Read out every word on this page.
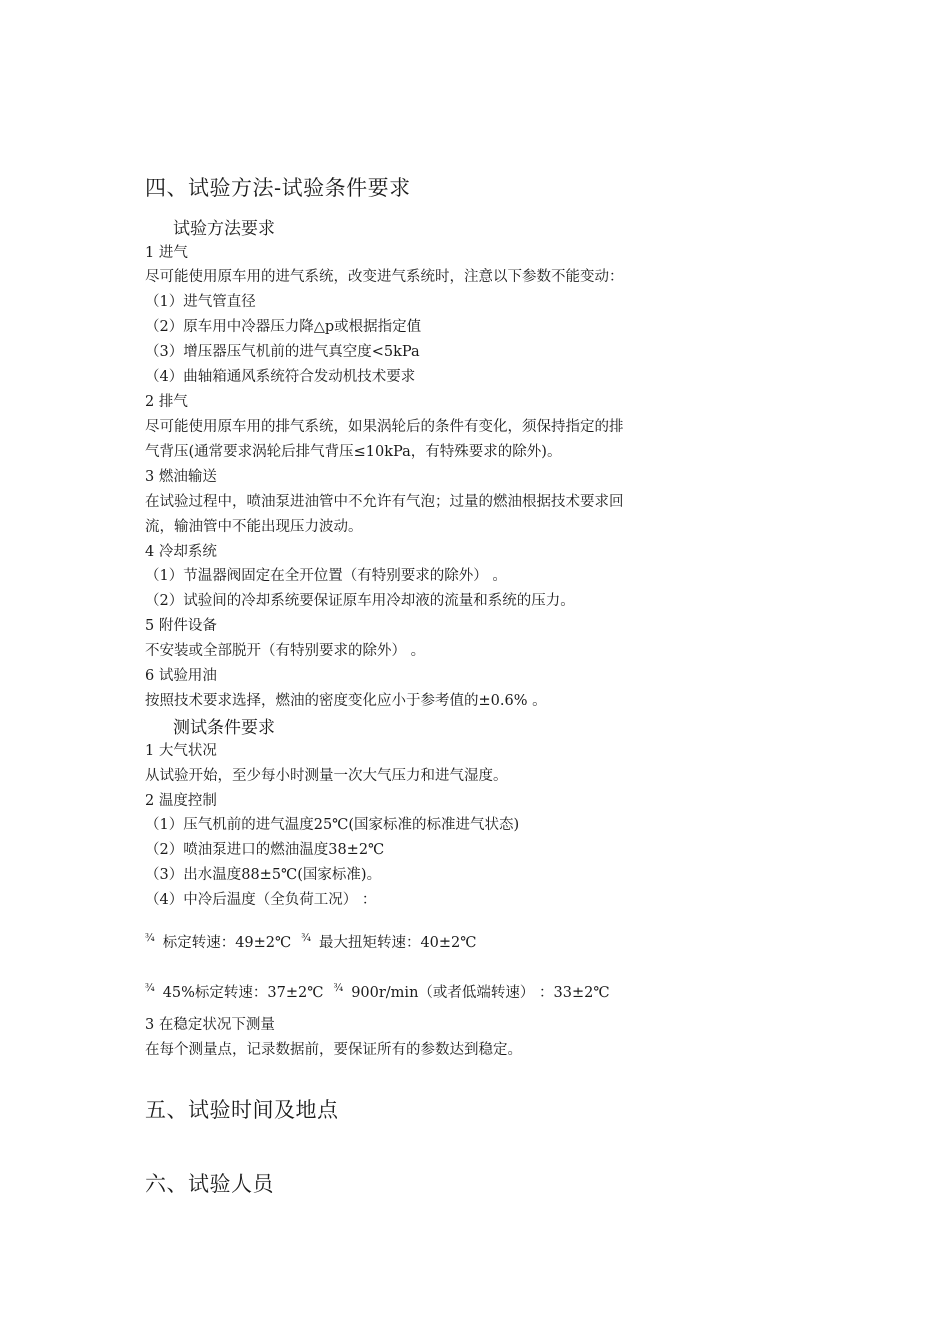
四、试验方法-试验条件要求
试验方法要求
1 进气
尽可能使用原车用的进气系统，改变进气系统时，注意以下参数不能变动：
（1）进气管直径
（2）原车用中冷器压力降△p或根据指定值
（3）增压器压气机前的进气真空度<5kPa
（4）曲轴箱通风系统符合发动机技术要求
2 排气
尽可能使用原车用的排气系统，如果涡轮后的条件有变化，须保持指定的排
气背压(通常要求涡轮后排气背压≤10kPa，有特殊要求的除外)。
3 燃油输送
在试验过程中，喷油泵进油管中不允许有气泡；过量的燃油根据技术要求回
流，输油管中不能出现压力波动。
4 冷却系统
（1）节温器阀固定在全开位置（有特别要求的除外） 。
（2）试验间的冷却系统要保证原车用冷却液的流量和系统的压力。
5 附件设备
不安装或全部脱开（有特别要求的除外） 。
6 试验用油
按照技术要求选择，燃油的密度变化应小于参考值的±0.6% 。
测试条件要求
1 大气状况
从试验开始，至少每小时测量一次大气压力和进气湿度。
2 温度控制
（1）压气机前的进气温度25℃(国家标准的标准进气状态)
（2）喷油泵进口的燃油温度38±2℃
（3）出水温度88±5℃(国家标准)。
（4）中冷后温度（全负荷工况） ：
$^{\frac{3}{4}}$ 标定转速：49±2℃ $^{\frac{3}{4}}$ 最大扭矩转速：40±2℃
$^{\frac{3}{4}}$ 45%标定转速：37±2℃ $^{\frac{3}{4}}$ 900r/min（或者低端转速） ：33±2℃
3 在稳定状况下测量
在每个测量点，记录数据前，要保证所有的参数达到稳定。
五、试验时间及地点
六、试验人员
